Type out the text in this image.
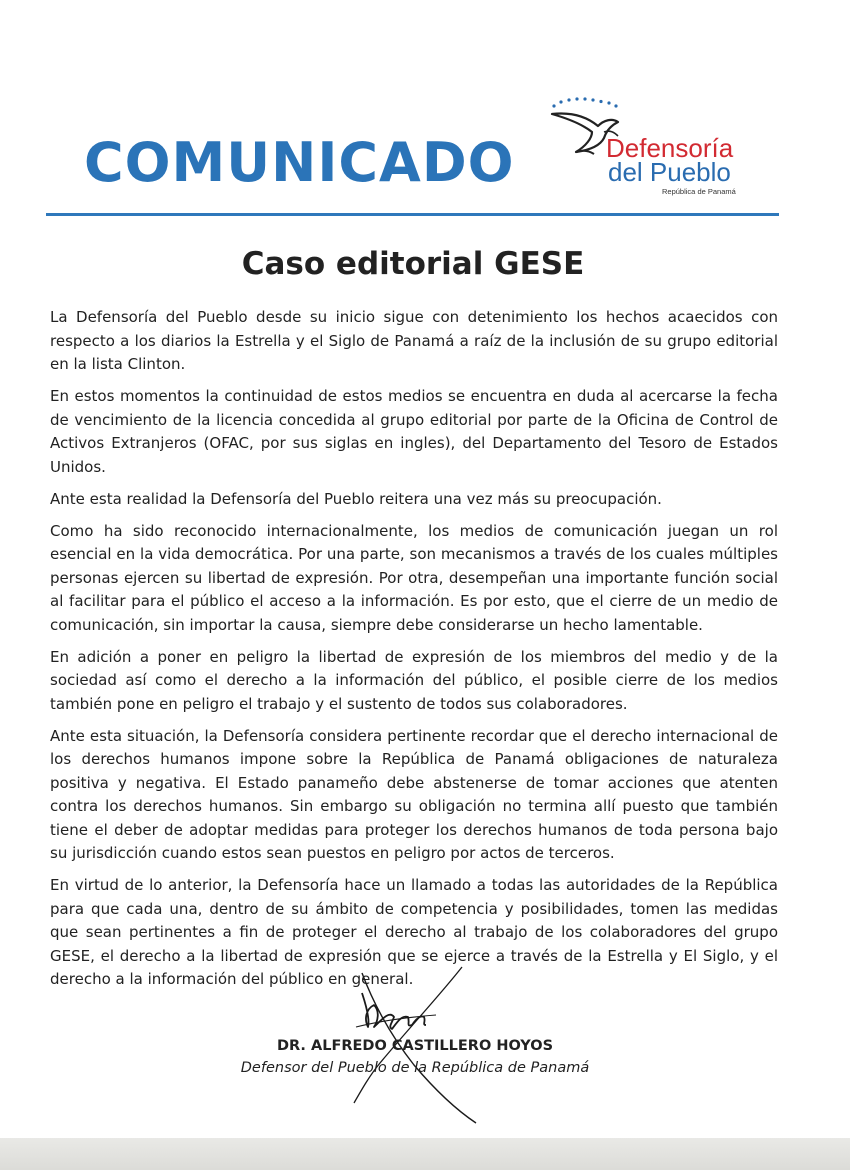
COMUNICADO	Defensoría
del Pueblo
República de Panamá
Caso editorial GESE

La Defensoría del Pueblo desde su inicio sigue con detenimiento los hechos acaecidos con respecto a los diarios la Estrella y el Siglo de Panamá a raíz de la inclusión de su grupo editorial en la lista Clinton.

En estos momentos la continuidad de estos medios se encuentra en duda al acercarse la fecha de vencimiento de la licencia concedida al grupo editorial por parte de la Oficina de Control de Activos Extranjeros (OFAC, por sus siglas en ingles), del Departamento del Tesoro de Estados Unidos.

Ante esta realidad la Defensoría del Pueblo reitera una vez más su preocupación.

Como ha sido reconocido internacionalmente, los medios de comunicación juegan un rol esencial en la vida democrática. Por una parte, son mecanismos a través de los cuales múltiples personas ejercen su libertad de expresión. Por otra, desempeñan una importante función social al facilitar para el público el acceso a la información. Es por esto, que el cierre de un medio de comunicación, sin importar la causa, siempre debe considerarse un hecho lamentable.

En adición a poner en peligro la libertad de expresión de los miembros del medio y de la sociedad así como el derecho a la información del público, el posible cierre de los medios también pone en peligro el trabajo y el sustento de todos sus colaboradores.

Ante esta situación, la Defensoría considera pertinente recordar que el derecho internacional de los derechos humanos impone sobre la República de Panamá obligaciones de naturaleza positiva y negativa. El Estado panameño debe abstenerse de tomar acciones que atenten contra los derechos humanos. Sin embargo su obligación no termina allí puesto que también tiene el deber de adoptar medidas para proteger los derechos humanos de toda persona bajo su jurisdicción cuando estos sean puestos en peligro por actos de terceros.

En virtud de lo anterior, la Defensoría hace un llamado a todas las autoridades de la República para que cada una, dentro de su ámbito de competencia y posibilidades, tomen las medidas que sean pertinentes a fin de proteger el derecho al trabajo de los colaboradores del grupo GESE, el derecho a la libertad de expresión que se ejerce a través de la Estrella y El Siglo, y el derecho a la información del público en general.

DR. ALFREDO CASTILLERO HOYOS
Defensor del Pueblo de la República de Panamá
